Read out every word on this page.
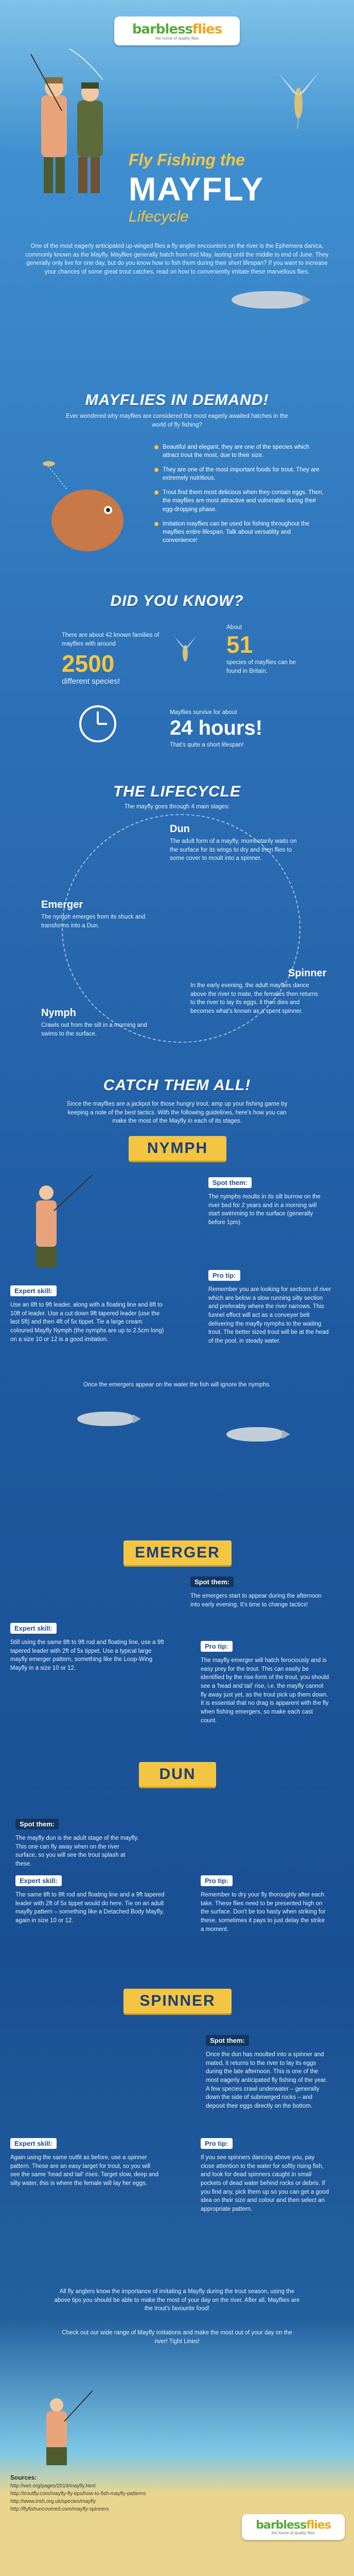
barblessflies
the home of quality flies
Fly Fishing the
MAYFLY
Lifecycle
One of the most eagerly anticipated up-winged flies a fly angler encounters on the river is the Ephemera danica, commonly known as the Mayfly. Mayflies generally hatch from mid May, lasting until the middle to end of June. They generally only live for one day, but do you know how to fish them during their short lifespan? If you want to increase your chances of some great trout catches, read on how to conveniently imitate these marvellous flies.
MAYFLIES IN DEMAND!
Ever wondered why mayflies are considered the most eagerly awaited hatches in the world of fly fishing?
Beautiful and elegant, they are one of the species which attract trout the most, due to their size.
They are one of the most important foods for trout. They are extremely nutritious.
Trout find them most delicious when they contain eggs. Then, the mayflies are most attractive and vulnerable during their egg-dropping phase.
Imitation mayflies can be used for fishing throughout the mayflies entire lifespan. Talk about versatility and convenience!
DID YOU KNOW?
There are about 42 known families of mayflies with around
2500
different species!
About
51
species of mayflies can be found in Britain.
Mayflies survive for about
24 hours!
That's quite a short lifespan!
THE LIFECYCLE
The mayfly goes through 4 main stages:
Dun
The adult form of a mayfly, momentarily waits on the surface for its wings to dry and then flies to some cover to moult into a spinner.
Emerger
The nymph emerges from its shuck and transforms into a Dun.
Spinner
In the early evening, the adult mayflies dance above the river to mate, the females then returns to the river to lay its eggs, it then dies and becomes what's known as a spent spinner.
Nymph
Crawls out from the silt in a morning and swims to the surface.
CATCH THEM ALL!
Since the mayflies are a jackpot for those hungry trout, amp up your fishing game by keeping a note of the best tactics. With the following guidelines, here's how you can make the most of the Mayfly in each of its stages.
NYMPH
Spot them:
The nymphs moults in its silt burrow on the river bed for 2 years and in a morning will start swimming to the surface (generally before 1pm).
Expert skill:
Use an 8ft to 9ft leader, along with a floating line and 8ft to 10ft of leader. Use a cut down 9ft tapered leader (use the last 5ft) and then 4ft of 5x tippet. Tie a large cream coloured Mayfly Nymph (the nymphs are up to 2.5cm long) on a size 10 or 12 is a good imitation.
Pro tip:
Remember you are looking for sections of river which are below a slow running silty section and preferably where the river narrows. This funnel effect will act as a conveyer belt delivering the mayfly nymphs to the waiting trout. The better sized trout will be at the head of the pool, in steady water.
Once the emergers appear on the water the fish will ignore the nymphs.
EMERGER
Spot them:
The emergers start to appear during the afternoon into early evening. It's time to change tactics!
Expert skill:
Still using the same 8ft to 9ft rod and floating line, use a 9ft tapered leader with 2ft of 5x tippet. Use a typical large mayfly emerger pattern, something like the Loop-Wing Mayfly in a size 10 or 12.
Pro tip:
The mayfly emerger will hatch ferociously and is easy prey for the trout. This can easily be identified by the rise-form of the trout, you should see a 'head and tail' rise, i.e. the mayfly cannot fly away just yet, as the trout pick up them down. It is essential that no drag is apparent with the fly when fishing emergers, so make each cast count.
DUN
Spot them:
The mayfly dun is the adult stage of the mayfly. This one can fly away when on the river surface, so you will see the trout splash at these.
Expert skill:
The same 8ft to 9ft rod and floating line and a 9ft tapered leader with 2ft of 5x tippet would do here. Tie on an adult mayfly pattern – something like a Detached Body Mayfly, again in size 10 or 12.
Pro tip:
Remember to dry your fly thoroughly after each take. These flies need to be presented high on the surface. Don't be too hasty when striking for these, sometimes it pays to just delay the strike a moment.
SPINNER
Spot them:
Once the dun has moulted into a spinner and mated, it returns to the river to lay its eggs during the late afternoon. This is one of the most eagerly anticipated fly fishing of the year. A few species crawl underwater – generally down the side of submerged rocks – and deposit their eggs directly on the bottom.
Expert skill:
Again using the same outfit as before, use a spinner pattern. These are an easy target for trout, so you will see the same 'head and tail' rises. Target slow, deep and silty water, this is where the female will lay her eggs.
Pro tip:
If you see spinners dancing above you, pay close attention to the water for softly rising fish, and look for dead spinners caught in small pockets of dead water behind rocks or debris. If you find any, pick them up so you can get a good idea on their size and colour and then select an appropriate pattern.
All fly anglers know the importance of imitating a Mayfly during the trout season, using the above tips you should be able to make the most of your day on the river. After all, Mayflies are the trout's favourite food!
Check out our wide range of Mayfly imitations and make the most out of your day on the river! Tight Lines!
Sources:
http://wet.org/pages/2019/mayfly.html
http://troutfly.com/mayfly-fly-tips/how-to-fish-mayfly-patterns
http://www.irish.org.uk/species/mayfly
http://flyfishuncovered.com/mayfly-spinners
barblessflies
the home of quality flies
